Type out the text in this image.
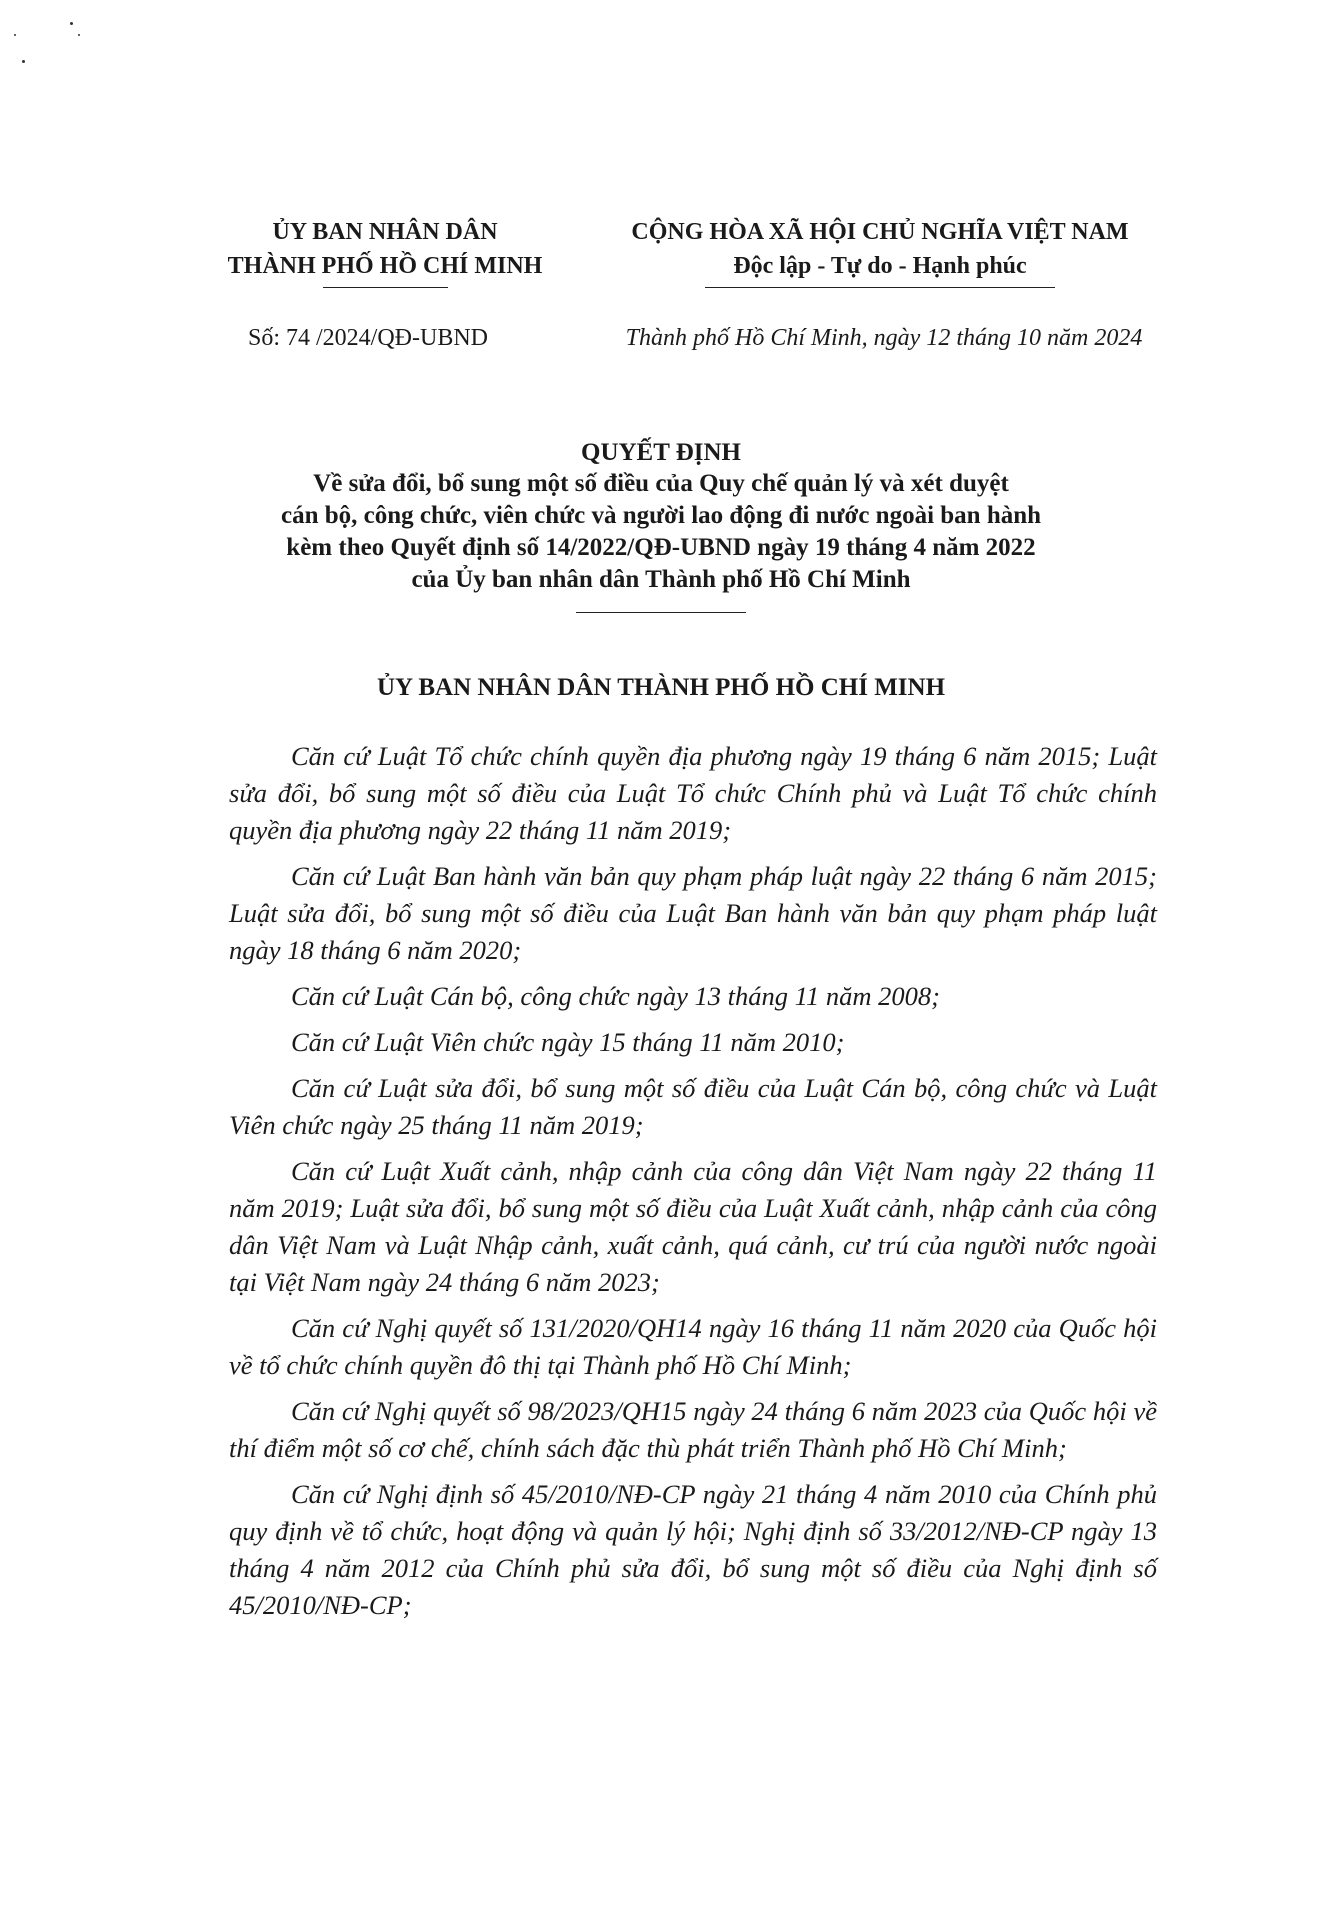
ỦY BAN NHÂN DÂN
THÀNH PHỐ HỒ CHÍ MINH
CỘNG HÒA XÃ HỘI CHỦ NGHĨA VIỆT NAM
Độc lập - Tự do - Hạnh phúc
Số: 74 /2024/QĐ-UBND	Thành phố Hồ Chí Minh, ngày 12 tháng 10 năm 2024
QUYẾT ĐỊNH
Về sửa đổi, bổ sung một số điều của Quy chế quản lý và xét duyệt
cán bộ, công chức, viên chức và người lao động đi nước ngoài ban hành
kèm theo Quyết định số 14/2022/QĐ-UBND ngày 19 tháng 4 năm 2022
của Ủy ban nhân dân Thành phố Hồ Chí Minh
ỦY BAN NHÂN DÂN THÀNH PHỐ HỒ CHÍ MINH

Căn cứ Luật Tổ chức chính quyền địa phương ngày 19 tháng 6 năm 2015; Luật sửa đổi, bổ sung một số điều của Luật Tổ chức Chính phủ và Luật Tổ chức chính quyền địa phương ngày 22 tháng 11 năm 2019;

Căn cứ Luật Ban hành văn bản quy phạm pháp luật ngày 22 tháng 6 năm 2015; Luật sửa đổi, bổ sung một số điều của Luật Ban hành văn bản quy phạm pháp luật ngày 18 tháng 6 năm 2020;

Căn cứ Luật Cán bộ, công chức ngày 13 tháng 11 năm 2008;

Căn cứ Luật Viên chức ngày 15 tháng 11 năm 2010;

Căn cứ Luật sửa đổi, bổ sung một số điều của Luật Cán bộ, công chức và Luật Viên chức ngày 25 tháng 11 năm 2019;

Căn cứ Luật Xuất cảnh, nhập cảnh của công dân Việt Nam ngày 22 tháng 11 năm 2019; Luật sửa đổi, bổ sung một số điều của Luật Xuất cảnh, nhập cảnh của công dân Việt Nam và Luật Nhập cảnh, xuất cảnh, quá cảnh, cư trú của người nước ngoài tại Việt Nam ngày 24 tháng 6 năm 2023;

Căn cứ Nghị quyết số 131/2020/QH14 ngày 16 tháng 11 năm 2020 của Quốc hội về tổ chức chính quyền đô thị tại Thành phố Hồ Chí Minh;

Căn cứ Nghị quyết số 98/2023/QH15 ngày 24 tháng 6 năm 2023 của Quốc hội về thí điểm một số cơ chế, chính sách đặc thù phát triển Thành phố Hồ Chí Minh;

Căn cứ Nghị định số 45/2010/NĐ-CP ngày 21 tháng 4 năm 2010 của Chính phủ quy định về tổ chức, hoạt động và quản lý hội; Nghị định số 33/2012/NĐ-CP ngày 13 tháng 4 năm 2012 của Chính phủ sửa đổi, bổ sung một số điều của Nghị định số 45/2010/NĐ-CP;
